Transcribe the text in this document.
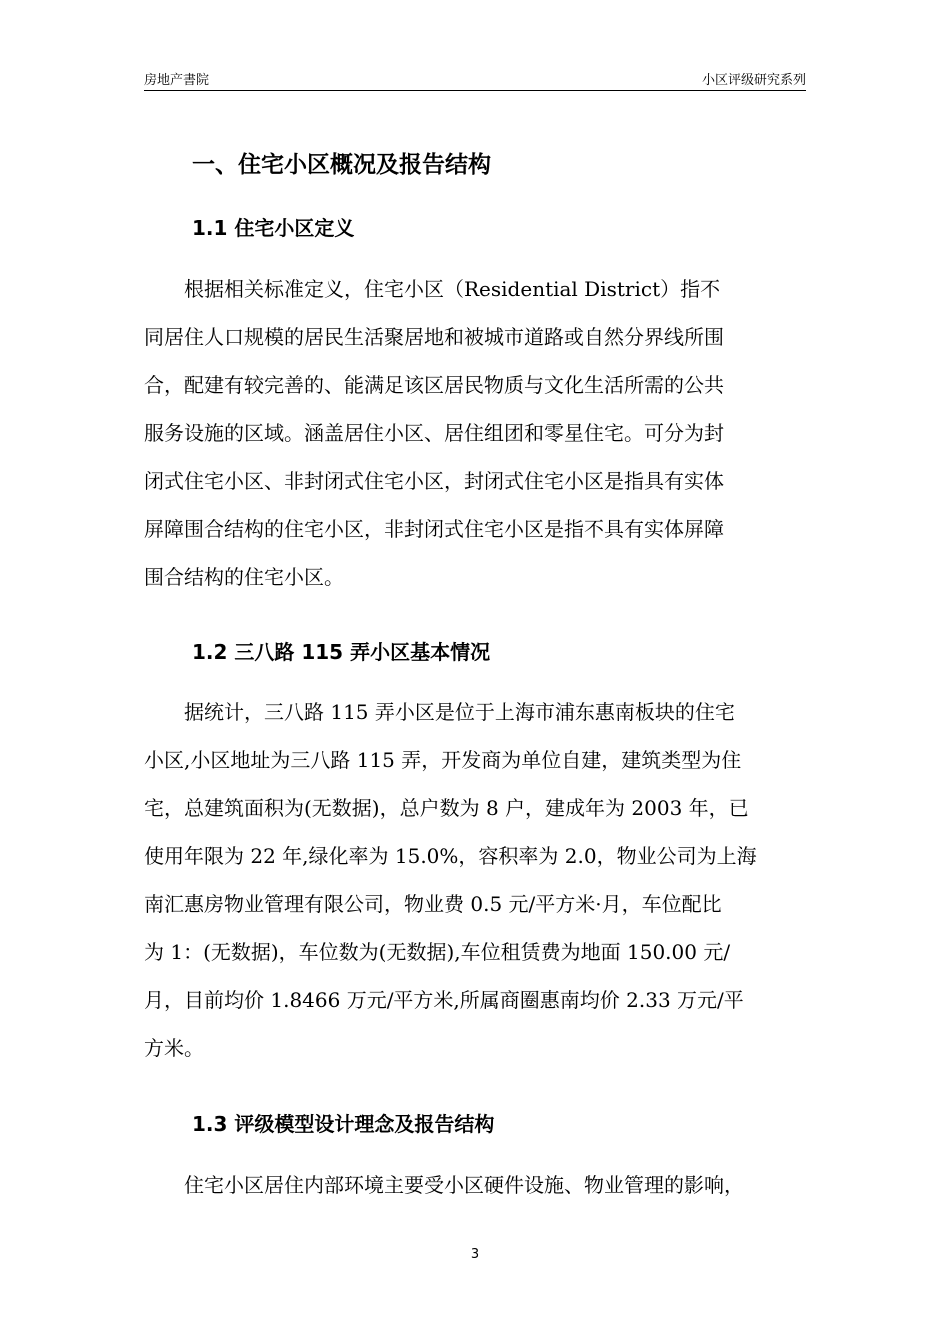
房地产書院	小区评级研究系列
一、住宅小区概况及报告结构
1.1 住宅小区定义
　　根据相关标准定义，住宅小区（Residential District）指不
同居住人口规模的居民生活聚居地和被城市道路或自然分界线所围
合，配建有较完善的、能满足该区居民物质与文化生活所需的公共
服务设施的区域。涵盖居住小区、居住组团和零星住宅。可分为封
闭式住宅小区、非封闭式住宅小区，封闭式住宅小区是指具有实体
屏障围合结构的住宅小区，非封闭式住宅小区是指不具有实体屏障
围合结构的住宅小区。
1.2 三八路 115 弄小区基本情况
　　据统计，三八路 115 弄小区是位于上海市浦东惠南板块的住宅
小区,小区地址为三八路 115 弄，开发商为单位自建，建筑类型为住
宅，总建筑面积为(无数据)，总户数为 8 户，建成年为 2003 年，已
使用年限为 22 年,绿化率为 15.0%，容积率为 2.0，物业公司为上海
南汇惠房物业管理有限公司，物业费 0.5 元/平方米·月，车位配比
为 1：(无数据)，车位数为(无数据),车位租赁费为地面 150.00 元/
月，目前均价 1.8466 万元/平方米,所属商圈惠南均价 2.33 万元/平
方米。
1.3 评级模型设计理念及报告结构
　　住宅小区居住内部环境主要受小区硬件设施、物业管理的影响，
3
